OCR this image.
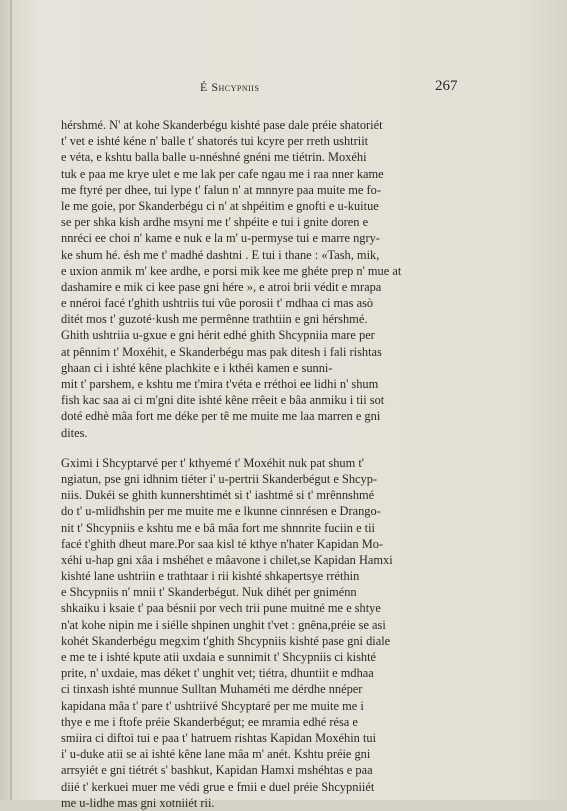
É Shcypniis	267
hérshmé. N' at kohe Skanderbégu kishté pase dale préie shatoriét
t' vet e ishté kéne n' balle t' shatorés tui kcyre per rreth ushtriit
e véta, e kshtu balla balle u-nnéshné gnéni me tiétrin. Moxéhi
tuk e paa me krye ulet e me lak per cafe ngau me i raa nner kame
me ftyré per dhee, tui lype t' falun n' at mnnyre paa muite me fo-
le me goie, por Skanderbégu ci n' at shpéitim e gnofti e u-kuitue
se per shka kish ardhe msyni me t' shpéite e tui i gnite doren e
nnréci ee choi n' kame e nuk e la m' u-permyse tui e marre ngry-
ke shum hé. ésh me t' madhé dashtni . E tui i thane : «Tash, mik,
e uxion anmik m' kee ardhe, e porsi mik kee me ghéte prep n' mue at
dashamire e mik ci kee pase gni hére », e atroi brii védit e mrapa
e nnéroi facé t'ghith ushtriis tui vûe porosii t' mdhaa ci mas asò
ditét mos t' guzoté·kush me permênne trathtiin e gni hérshmé.
Ghith ushtriia u-gxue e gni hérit edhé ghith Shcypniia mare per
at pênnim t' Moxéhit, e Skanderbégu mas pak ditesh i fali rishtas
ghaan ci i ishté kêne plachkite e i kthéi kamen e sunni-
mit t' parshem, e kshtu me t'mira t'véta e rréthoi ee lidhi n' shum
fish kac saa ai ci m'gni dite ishté kêne rrêeit e bâa anmiku i tii sot
doté edhè mâa fort me déke per tê me muite me laa marren e gni
dites.
Gximi i Shcyptarvé per t' kthyemé t' Moxéhit nuk pat shum t'
ngiatun, pse gni idhnim tiéter i' u-pertrii Skanderbégut e Shcyp-
niis. Dukéi se ghith kunnershtimét si t' iashtmé si t' mrênnshmé
do t' u-mlidhshin per me muite me e lkunne cinnrésen e Drango-
nit t' Shcypniis e kshtu me e bâ mâa fort me shnnrite fuciin e tii
facé t'ghith dheut mare.Por saa kisl té kthye n'hater Kapidan Mo-
xéhi u-hap gni xâa i mshéhet e mâavone i chilet,se Kapidan Hamxi
kishté lane ushtriin e trathtaar i rii kishté shkapertsye rréthin
e Shcypniis n' mnii t' Skanderbégut. Nuk dihét per gniménn
shkaiku i ksaie t' paa bésnii por vech trii pune muitné me e shtye
n'at kohe nipin me i siélle shpinen unghit t'vet : gnêna,préie se asi
kohét Skanderbégu megxim t'ghith Shcypniis kishté pase gni diale
e me te i ishté kpute atii uxdaia e sunnimit t' Shcypniis ci kishté
prite, n' uxdaie, mas déket t' unghit vet; tiétra, dhuntiit e mdhaa
ci tinxash ishté munnue Sulltan Muhaméti me dérdhe nnéper
kapidana mâa t' pare t' ushtriivé Shcyptaré per me muite me i
thye e me i ftofe préie Skanderbégut; ee mramia edhé résa e
smiira ci diftoi tui e paa t' hatruem rishtas Kapidan Moxéhin tui
i' u-duke atii se ai ishté kêne lane mâa m' anét. Kshtu préie gni
arrsyiét e gni tiétrét s' bashkut, Kapidan Hamxi mshéhtas e paa
diié t' kerkuei muer me védi grue e fmii e duel préie Shcypniiét
me u-lidhe mas gni xotniiét rii.
